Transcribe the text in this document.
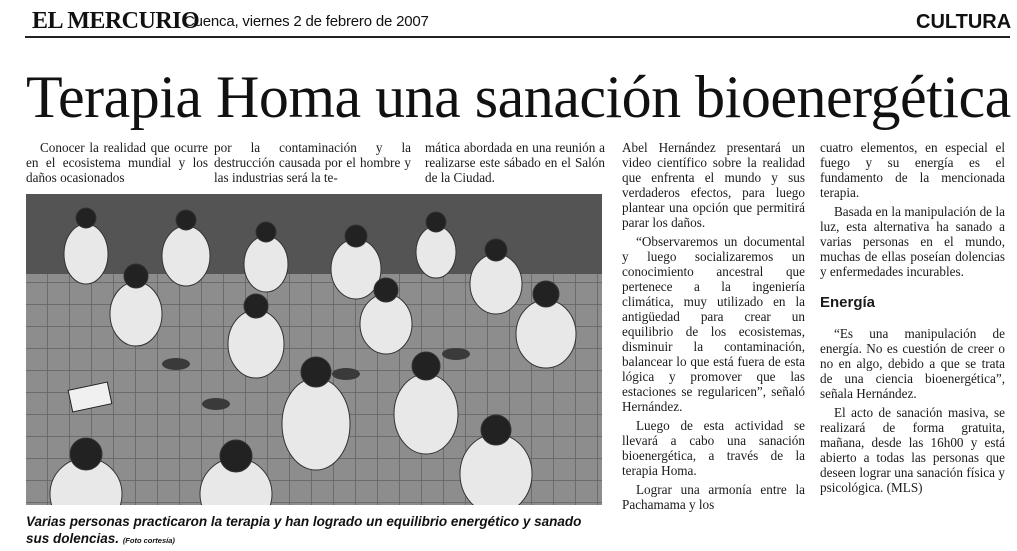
EL MERCURIO
Cuenca, viernes 2 de febrero de 2007	CULTURA
Terapia Homa una sanación bioenergética

Conocer la realidad que ocurre en el ecosistema mundial y los daños ocasionados

por la contaminación y la destrucción causada por el hombre y las industrias será la te-

mática abordada en una reunión a realizarse este sábado en el Salón de la Ciudad.

Varias personas practicaron la terapia y han logrado un equilibrio energético y sanado sus dolencias. (Foto cortesía)

Abel Hernández presentará un video científico sobre la realidad que enfrenta el mundo y sus verdaderos efectos, para luego plantear una opción que permitirá parar los daños.

“Observaremos un documental y luego socializaremos un conocimiento ancestral que pertenece a la ingeniería climática, muy utilizado en la antigüedad para crear un equilibrio de los ecosistemas, disminuir la contaminación, balancear lo que está fuera de esta lógica y promover que las estaciones se regularicen”, señaló Hernández.

Luego de esta actividad se llevará a cabo una sanación bioenergética, a través de la terapia Homa.

Lograr una armonía entre la Pachamama y los

cuatro elementos, en especial el fuego y su energía es el fundamento de la mencionada terapia.

Basada en la manipulación de la luz, esta alternativa ha sanado a varias personas en el mundo, muchas de ellas poseían dolencias y enfermedades incurables.

Energía

“Es una manipulación de energía. No es cuestión de creer o no en algo, debido a que se trata de una ciencia bioenergética”, señala Hernández.

El acto de sanación masiva, se realizará de forma gratuita, mañana, desde las 16h00 y está abierto a todas las personas que deseen lograr una sanación física y psicológica. (MLS)
